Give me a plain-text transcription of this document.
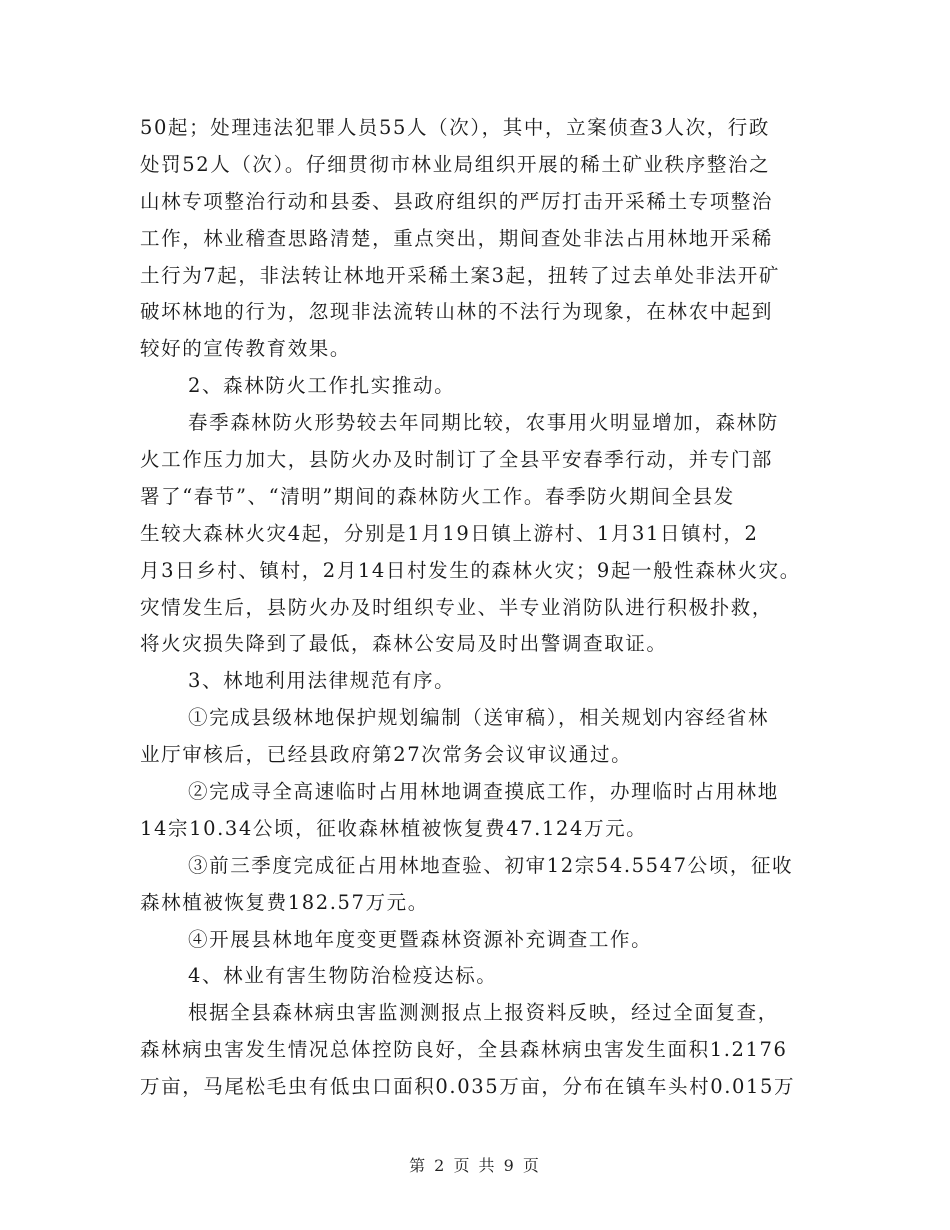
50起；处理违法犯罪人员55人（次），其中，立案侦查3人次，行政
处罚52人（次）。仔细贯彻市林业局组织开展的稀土矿业秩序整治之
山林专项整治行动和县委、县政府组织的严厉打击开采稀土专项整治
工作，林业稽查思路清楚，重点突出，期间查处非法占用林地开采稀
土行为7起，非法转让林地开采稀土案3起，扭转了过去单处非法开矿
破坏林地的行为，忽现非法流转山林的不法行为现象，在林农中起到
较好的宣传教育效果。
2、森林防火工作扎实推动。
春季森林防火形势较去年同期比较，农事用火明显增加，森林防
火工作压力加大，县防火办及时制订了全县平安春季行动，并专门部
署了“春节”、“清明”期间的森林防火工作。春季防火期间全县发
生较大森林火灾4起，分别是1月19日镇上游村、1月31日镇村，2
月3日乡村、镇村，2月14日村发生的森林火灾；9起一般性森林火灾。
灾情发生后，县防火办及时组织专业、半专业消防队进行积极扑救，
将火灾损失降到了最低，森林公安局及时出警调查取证。
3、林地利用法律规范有序。
①完成县级林地保护规划编制（送审稿），相关规划内容经省林
业厅审核后，已经县政府第27次常务会议审议通过。
②完成寻全高速临时占用林地调查摸底工作，办理临时占用林地
14宗10.34公顷，征收森林植被恢复费47.124万元。
③前三季度完成征占用林地查验、初审12宗54.5547公顷，征收
森林植被恢复费182.57万元。
④开展县林地年度变更暨森林资源补充调查工作。
4、林业有害生物防治检疫达标。
根据全县森林病虫害监测测报点上报资料反映，经过全面复查，
森林病虫害发生情况总体控防良好，全县森林病虫害发生面积1.2176
万亩，马尾松毛虫有低虫口面积0.035万亩，分布在镇车头村0.015万
第 2 页 共 9 页
